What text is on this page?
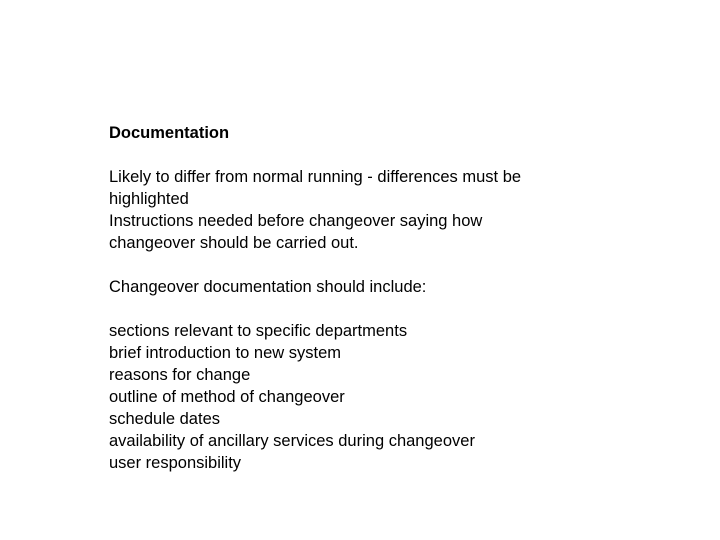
Documentation
Likely to differ from normal running - differences must be
highlighted
Instructions needed before changeover saying how
changeover should be carried out.
Changeover documentation should include:
sections relevant to specific departments
brief introduction to new system
reasons for change
outline of method of changeover
schedule dates
availability of ancillary services during changeover
user responsibility
